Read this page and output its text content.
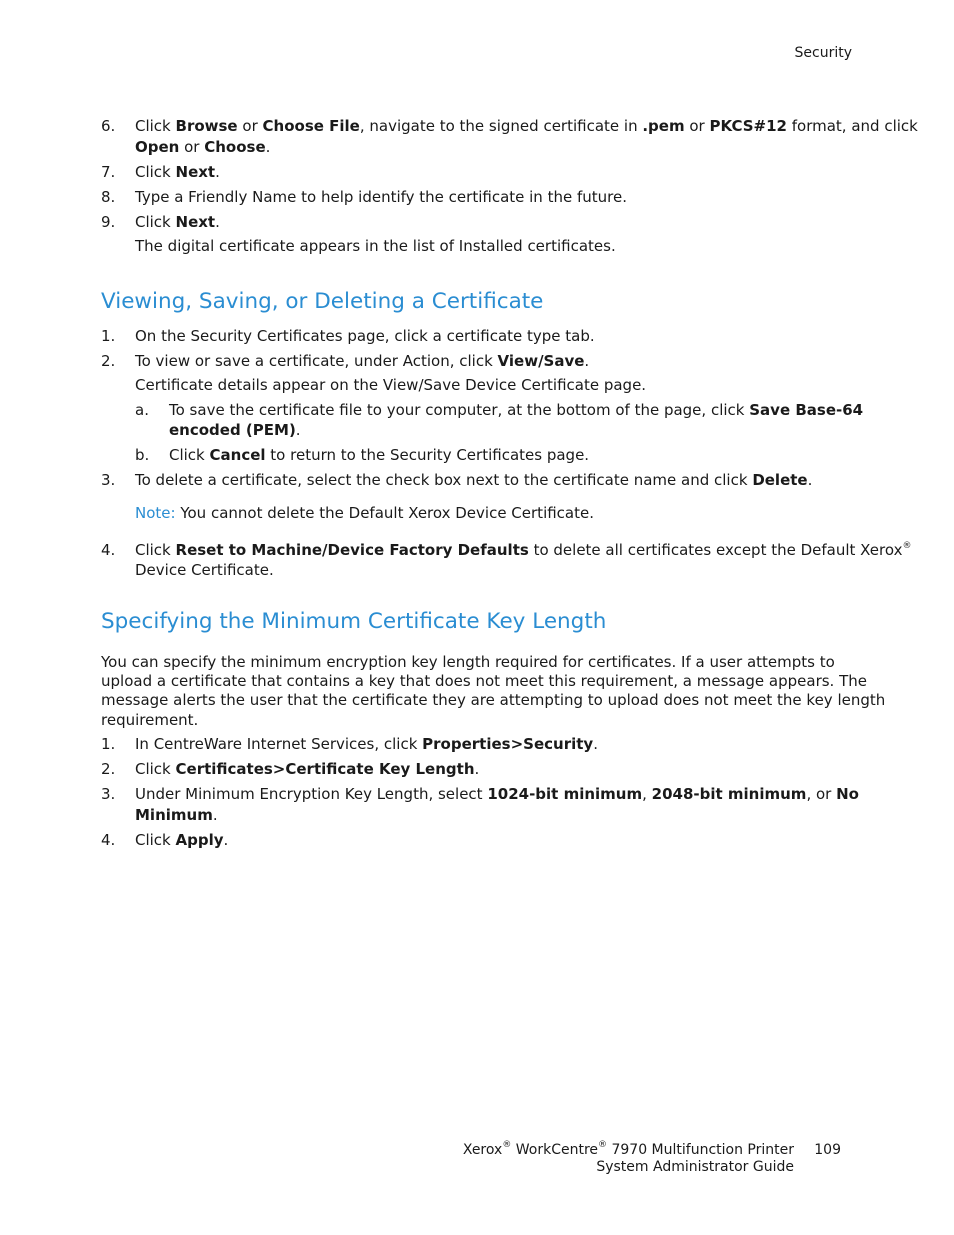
Security
6. Click Browse or Choose File, navigate to the signed certificate in .pem or PKCS#12 format, and click
Open or Choose.
7. Click Next.
8. Type a Friendly Name to help identify the certificate in the future.
9. Click Next.
The digital certificate appears in the list of Installed certificates.
Viewing, Saving, or Deleting a Certificate
1. On the Security Certificates page, click a certificate type tab.
2. To view or save a certificate, under Action, click View/Save.
Certificate details appear on the View/Save Device Certificate page.
a. To save the certificate file to your computer, at the bottom of the page, click Save Base-64
encoded (PEM).
b. Click Cancel to return to the Security Certificates page.
3. To delete a certificate, select the check box next to the certificate name and click Delete.
Note: You cannot delete the Default Xerox Device Certificate.
4. Click Reset to Machine/Device Factory Defaults to delete all certificates except the Default Xerox®
Device Certificate.
Specifying the Minimum Certificate Key Length
You can specify the minimum encryption key length required for certificates. If a user attempts to
upload a certificate that contains a key that does not meet this requirement, a message appears. The
message alerts the user that the certificate they are attempting to upload does not meet the key length
requirement.
1. In CentreWare Internet Services, click Properties>Security.
2. Click Certificates>Certificate Key Length.
3. Under Minimum Encryption Key Length, select 1024-bit minimum, 2048-bit minimum, or No
Minimum.
4. Click Apply.
Xerox® WorkCentre® 7970 Multifunction Printer
System Administrator Guide
109
